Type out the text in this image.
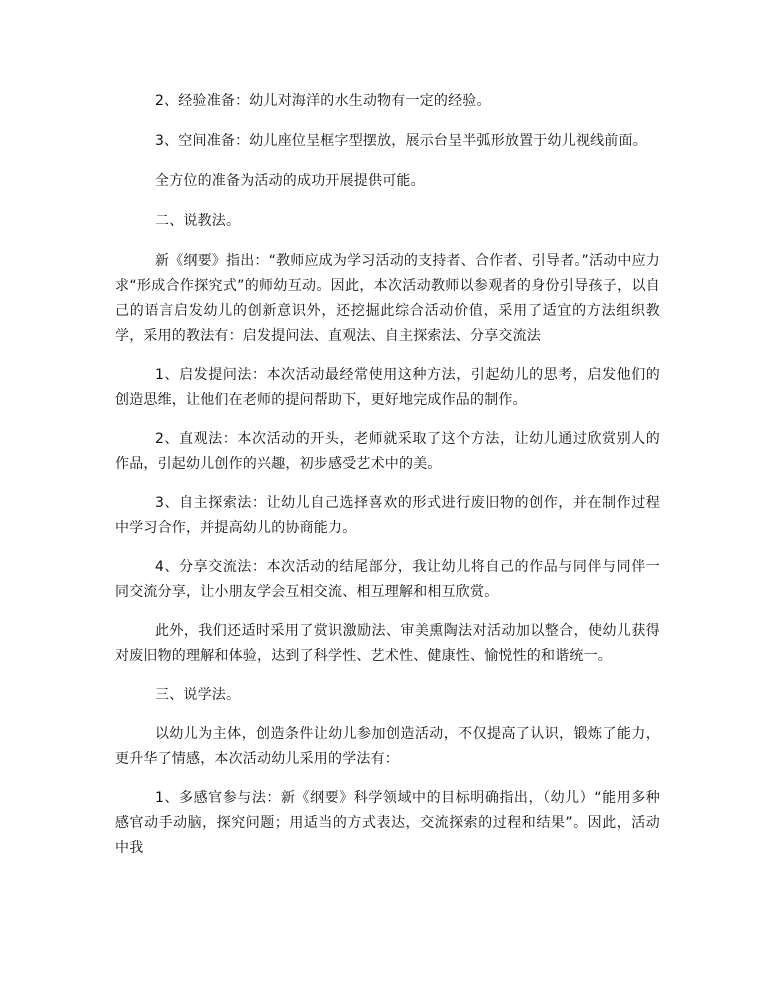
2、经验准备：幼儿对海洋的水生动物有一定的经验。

3、空间准备：幼儿座位呈框字型摆放，展示台呈半弧形放置于幼儿视线前面。

全方位的准备为活动的成功开展提供可能。

二、说教法。

新《纲要》指出：“教师应成为学习活动的支持者、合作者、引导者。”活动中应力求“形成合作探究式”的师幼互动。因此，本次活动教师以参观者的身份引导孩子，以自己的语言启发幼儿的创新意识外，还挖掘此综合活动价值，采用了适宜的方法组织教学，采用的教法有：启发提问法、直观法、自主探索法、分享交流法

1、启发提问法：本次活动最经常使用这种方法，引起幼儿的思考，启发他们的创造思维，让他们在老师的提问帮助下，更好地完成作品的制作。

2、直观法：本次活动的开头，老师就采取了这个方法，让幼儿通过欣赏别人的作品，引起幼儿创作的兴趣，初步感受艺术中的美。

3、自主探索法：让幼儿自己选择喜欢的形式进行废旧物的创作，并在制作过程中学习合作，并提高幼儿的协商能力。

4、分享交流法：本次活动的结尾部分，我让幼儿将自己的作品与同伴与同伴一同交流分享，让小朋友学会互相交流、相互理解和相互欣赏。

此外，我们还适时采用了赏识激励法、审美熏陶法对活动加以整合，使幼儿获得对废旧物的理解和体验，达到了科学性、艺术性、健康性、愉悦性的和谐统一。

三、说学法。

以幼儿为主体，创造条件让幼儿参加创造活动，不仅提高了认识，锻炼了能力，更升华了情感，本次活动幼儿采用的学法有：

1、多感官参与法：新《纲要》科学领域中的目标明确指出，（幼儿）“能用多种感官动手动脑，探究问题；用适当的方式表达，交流探索的过程和结果”。因此，活动中我
